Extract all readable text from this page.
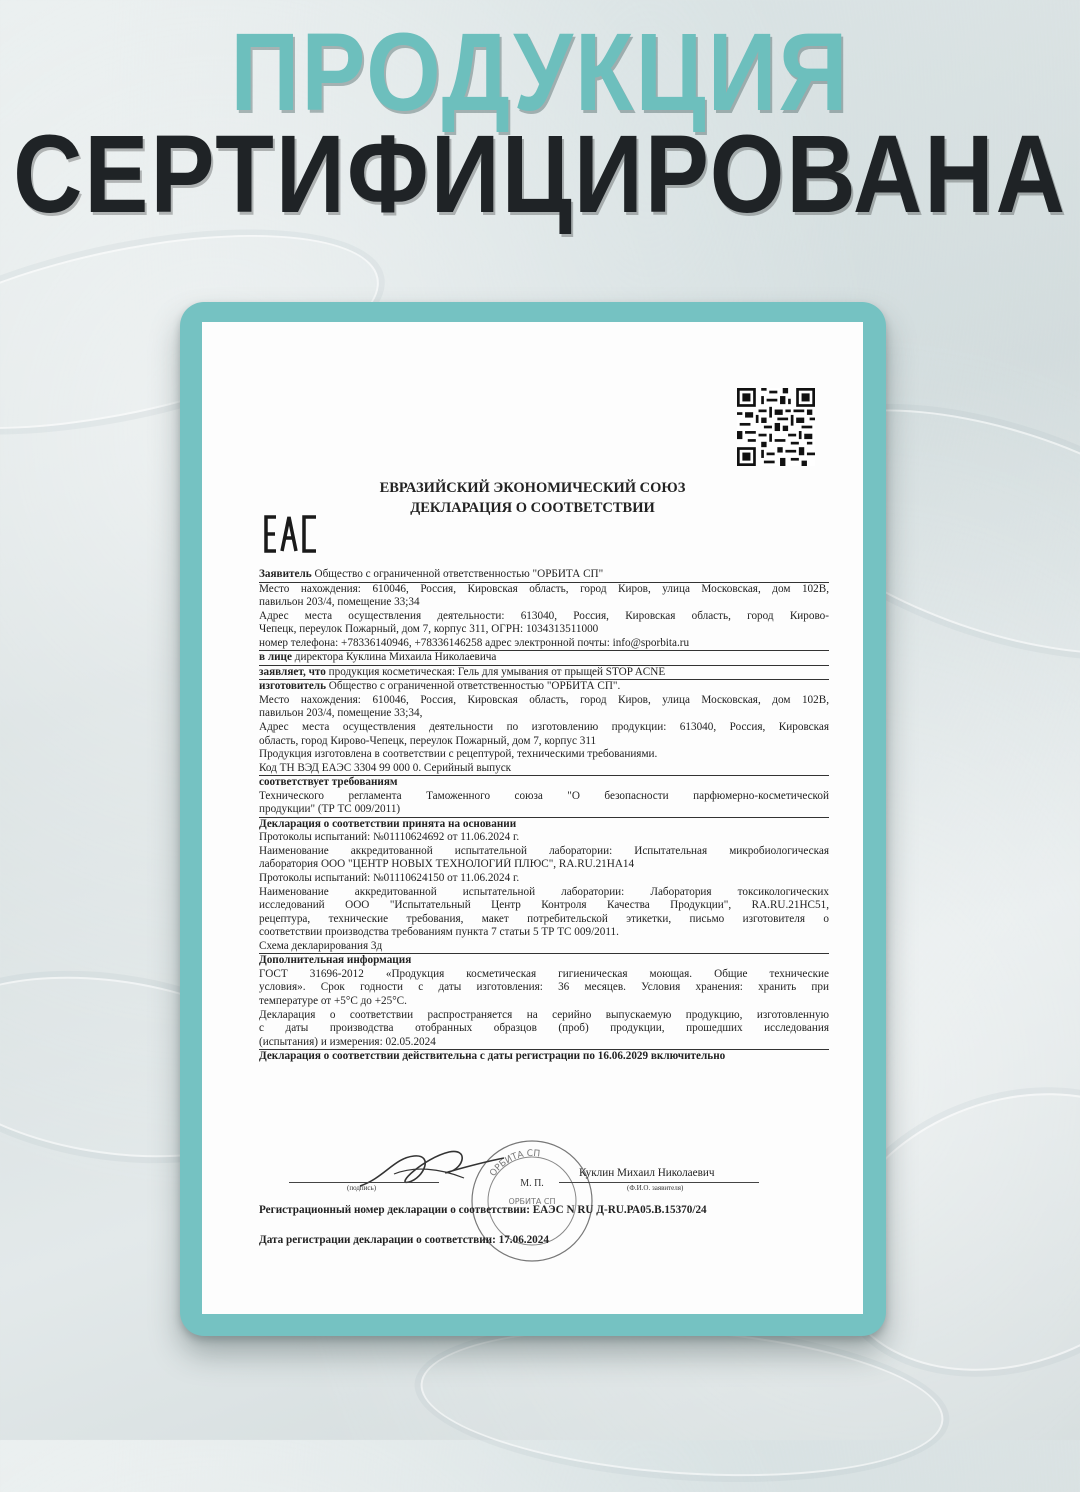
ПРОДУКЦИЯ
СЕРТИФИЦИРОВАНА
ЕВРАЗИЙСКИЙ ЭКОНОМИЧЕСКИЙ СОЮЗ
ДЕКЛАРАЦИЯ О СООТВЕТСТВИИ
Заявитель Общество с ограниченной ответственностью "ОРБИТА СП"
Место нахождения: 610046, Россия, Кировская область, город Киров, улица Московская, дом 102В,
павильон 203/4, помещение 33;34
Адрес места осуществления деятельности: 613040, Россия, Кировская область, город Кирово-
Чепецк, переулок Пожарный, дом 7, корпус 311, ОГРН: 1034313511000
номер телефона: +78336140946, +78336146258 адрес электронной почты: info@sporbita.ru
в лице директора Куклина Михаила Николаевича
заявляет, что продукция косметическая: Гель для умывания от прыщей STOP ACNE
изготовитель Общество с ограниченной ответственностью "ОРБИТА СП".
Место нахождения: 610046, Россия, Кировская область, город Киров, улица Московская, дом 102В,
павильон 203/4, помещение 33;34,
Адрес места осуществления деятельности по изготовлению продукции: 613040, Россия, Кировская
область, город Кирово-Чепецк, переулок Пожарный, дом 7, корпус 311
Продукция изготовлена в соответствии с рецептурой, техническими требованиями.
Код ТН ВЭД ЕАЭС 3304 99 000 0. Серийный выпуск
соответствует требованиям
Технического регламента Таможенного союза "О безопасности парфюмерно-косметической
продукции" (ТР ТС 009/2011)
Декларация о соответствии принята на основании
Протоколы испытаний: №01110624692 от 11.06.2024 г.
Наименование аккредитованной испытательной лаборатории: Испытательная микробиологическая
лаборатория ООО "ЦЕНТР НОВЫХ ТЕХНОЛОГИЙ ПЛЮС", RA.RU.21НА14
Протоколы испытаний: №01110624150 от 11.06.2024 г.
Наименование аккредитованной испытательной лаборатории: Лаборатория токсикологических
исследований ООО "Испытательный Центр Контроля Качества Продукции", RA.RU.21НС51,
рецептура, технические требования, макет потребительской этикетки, письмо изготовителя о
соответствии производства требованиям пункта 7 статьи 5 ТР ТС 009/2011.
Схема декларирования 3д
Дополнительная информация
ГОСТ 31696-2012 «Продукция косметическая гигиеническая моющая. Общие технические
условия». Срок годности с даты изготовления: 36 месяцев. Условия хранения: хранить при
температуре от +5°С до +25°С.
Декларация о соответствии распространяется на серийно выпускаемую продукцию, изготовленную
с даты производства отобранных образцов (проб) продукции, прошедших исследования
(испытания) и измерения: 02.05.2024
Декларация о соответствии действительна с даты регистрации по 16.06.2029 включительно
ОРБИТА СП
М. П.
ОРБИТА СП
(подпись)
Куклин Михаил Николаевич
(Ф.И.О. заявителя)
Регистрационный номер декларации о соответствии: ЕАЭС N RU Д-RU.РА05.В.15370/24
Дата регистрации декларации о соответствии: 17.06.2024
